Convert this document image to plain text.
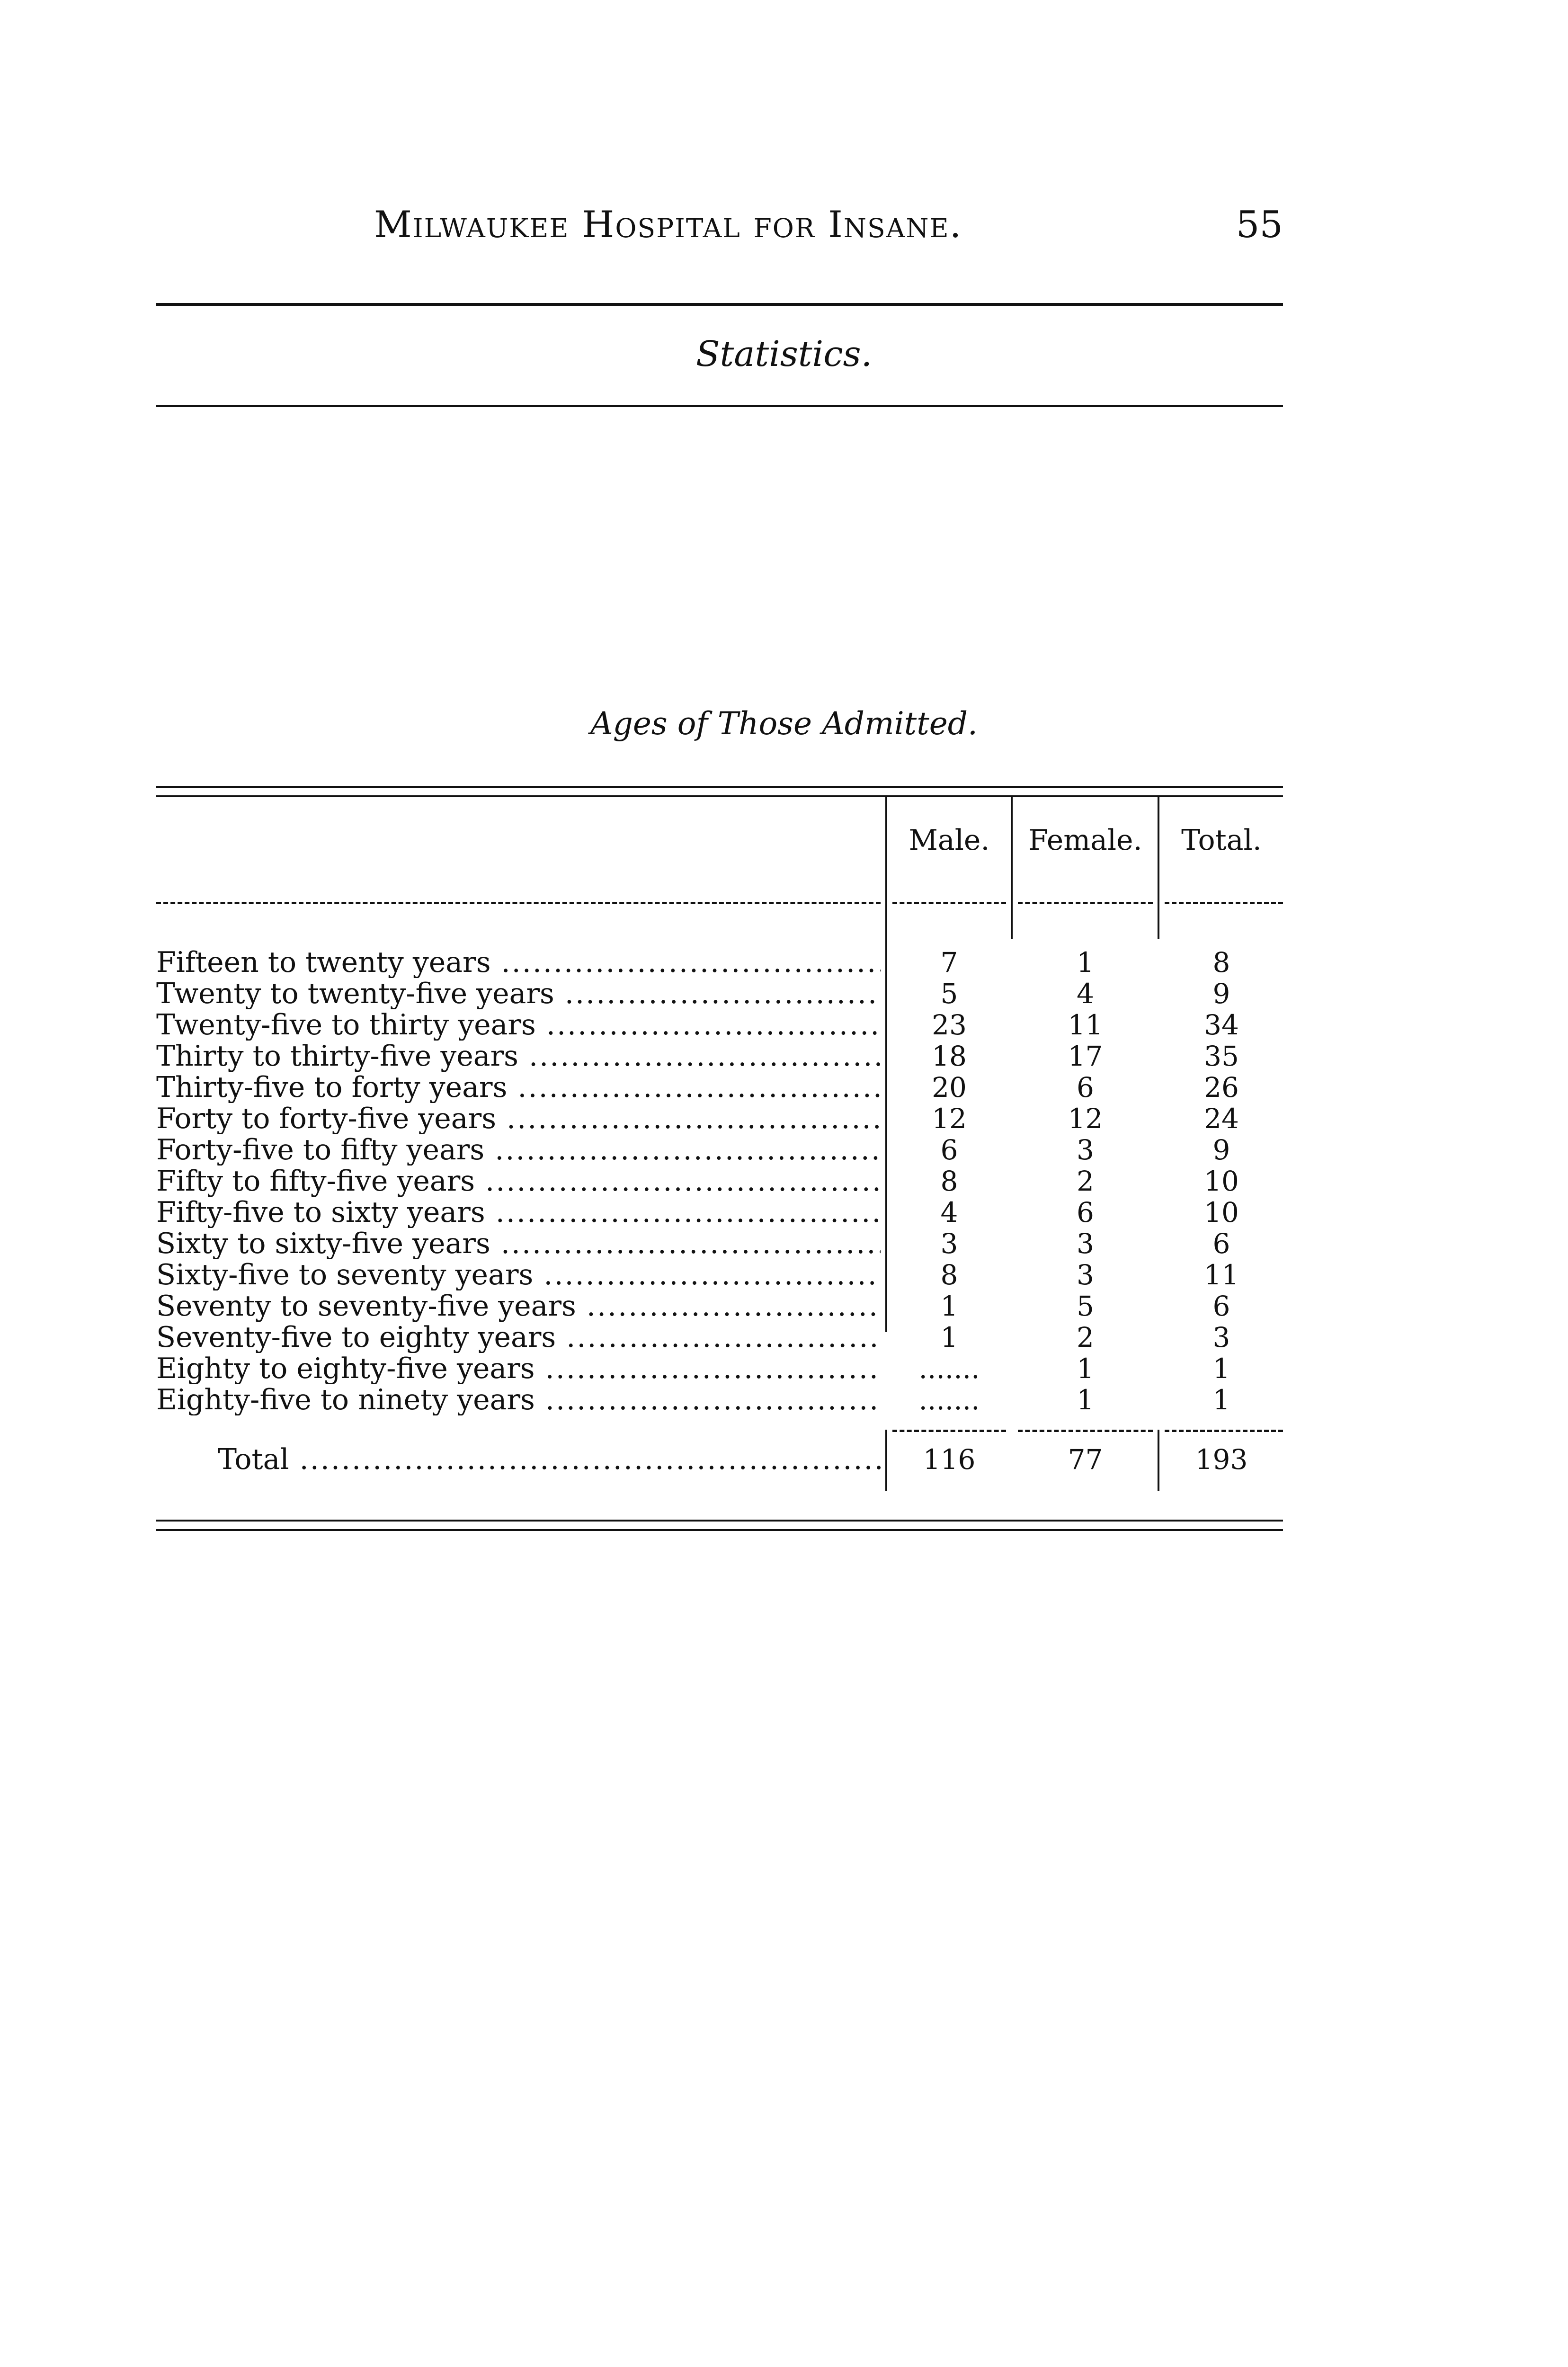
Milwaukee Hospital for Insane.	55
Statistics.
Ages of Those Admitted.
Male.	Female.	Total.
Fifteen to twenty years .....	7	1	8
Twenty to twenty-five years .....	5	4	9
Twenty-five to thirty years .....	23	11	34
Thirty to thirty-five years .....	18	17	35
Thirty-five to forty years .....	20	6	26
Forty to forty-five years .....	12	12	24
Forty-five to fifty years .....	6	3	9
Fifty to fifty-five years .....	8	2	10
Fifty-five to sixty years .....	4	6	10
Sixty to sixty-five years .....	3	3	6
Sixty-five to seventy years .....	8	3	11
Seventy to seventy-five years .....	1	5	6
Seventy-five to eighty years .....	1	2	3
Eighty to eighty-five years .....	.......	1	1
Eighty-five to ninety years .....	.......	1	1
Total .....	116	77	193
